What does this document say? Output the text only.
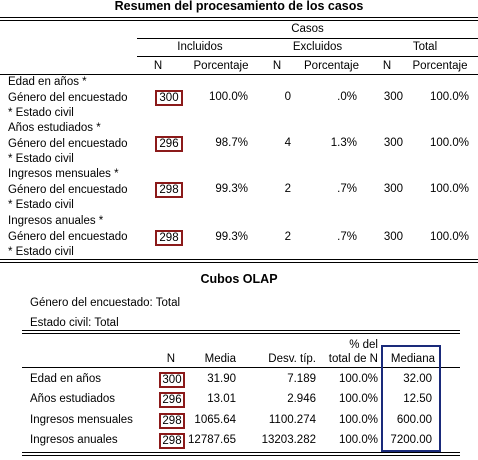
Resumen del procesamiento de los casos
Casos
Incluidos	Excluidos	Total
N	Porcentaje	N	Porcentaje	N	Porcentaje
Edad en años *
Género del encuestado
* Estado civil
300	100.0%	0	.0%	300	100.0%
Años estudiados *
Género del encuestado
* Estado civil
296	98.7%	4	1.3%	300	100.0%
Ingresos mensuales *
Género del encuestado
* Estado civil
298	99.3%	2	.7%	300	100.0%
Ingresos anuales *
Género del encuestado
* Estado civil
298	99.3%	2	.7%	300	100.0%
Cubos OLAP
Género del encuestado: Total
Estado civil: Total
N	Media	Desv. típ.
% del
total de N	Mediana
Edad en años	300	31.90	7.189	100.0%	32.00
Años estudiados	296	13.01	2.946	100.0%	12.50
Ingresos mensuales	298	1065.64	1100.274	100.0%	600.00
Ingresos anuales	298 12787.65	13203.282	100.0%	7200.00
